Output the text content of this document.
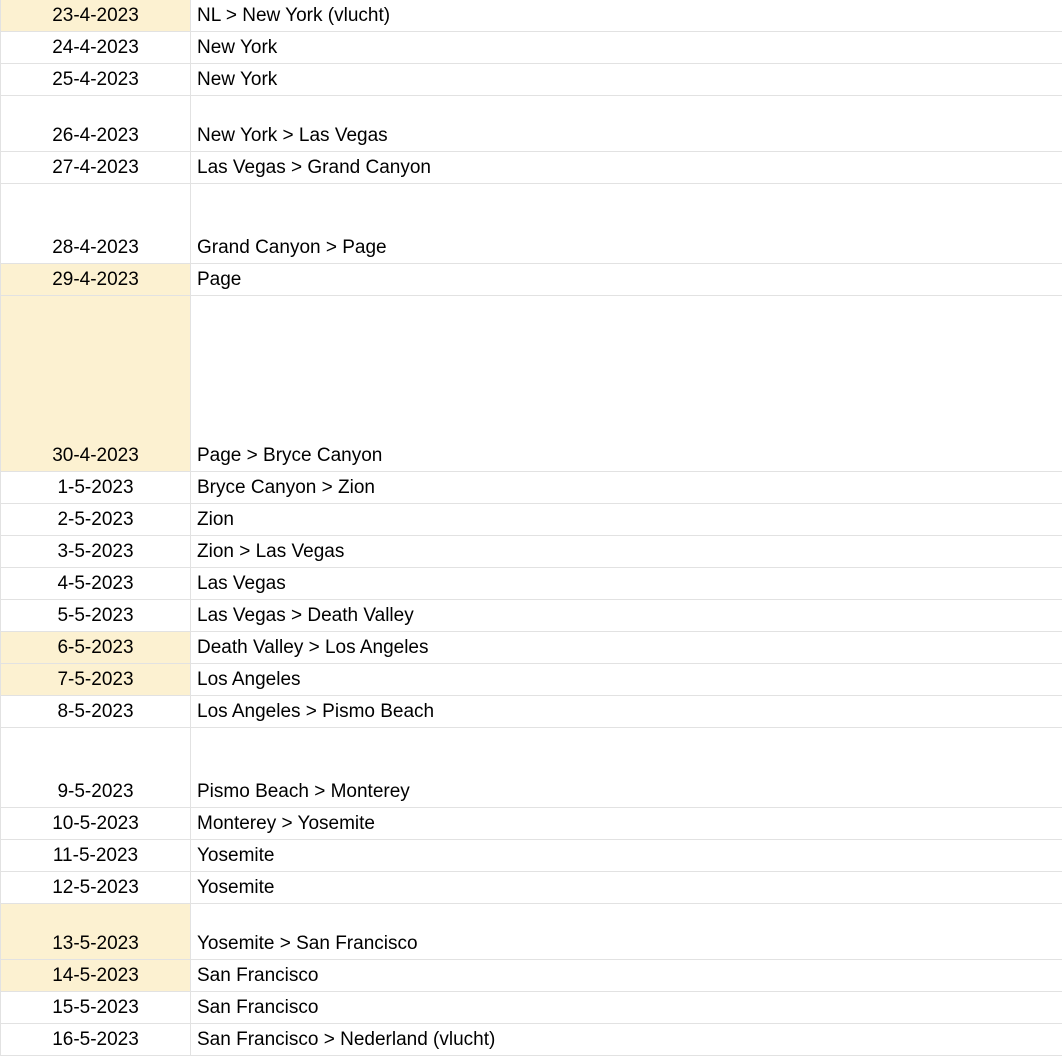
23-4-2023	NL > New York (vlucht)
24-4-2023	New York
25-4-2023	New York
26-4-2023	New York > Las Vegas
27-4-2023	Las Vegas > Grand Canyon
28-4-2023	Grand Canyon > Page
29-4-2023	Page
30-4-2023	Page > Bryce Canyon
1-5-2023	Bryce Canyon > Zion
2-5-2023	Zion
3-5-2023	Zion > Las Vegas
4-5-2023	Las Vegas
5-5-2023	Las Vegas > Death Valley
6-5-2023	Death Valley > Los Angeles
7-5-2023	Los Angeles
8-5-2023	Los Angeles > Pismo Beach
9-5-2023	Pismo Beach > Monterey
10-5-2023	Monterey > Yosemite
11-5-2023	Yosemite
12-5-2023	Yosemite
13-5-2023	Yosemite > San Francisco
14-5-2023	San Francisco
15-5-2023	San Francisco
16-5-2023	San Francisco > Nederland (vlucht)
